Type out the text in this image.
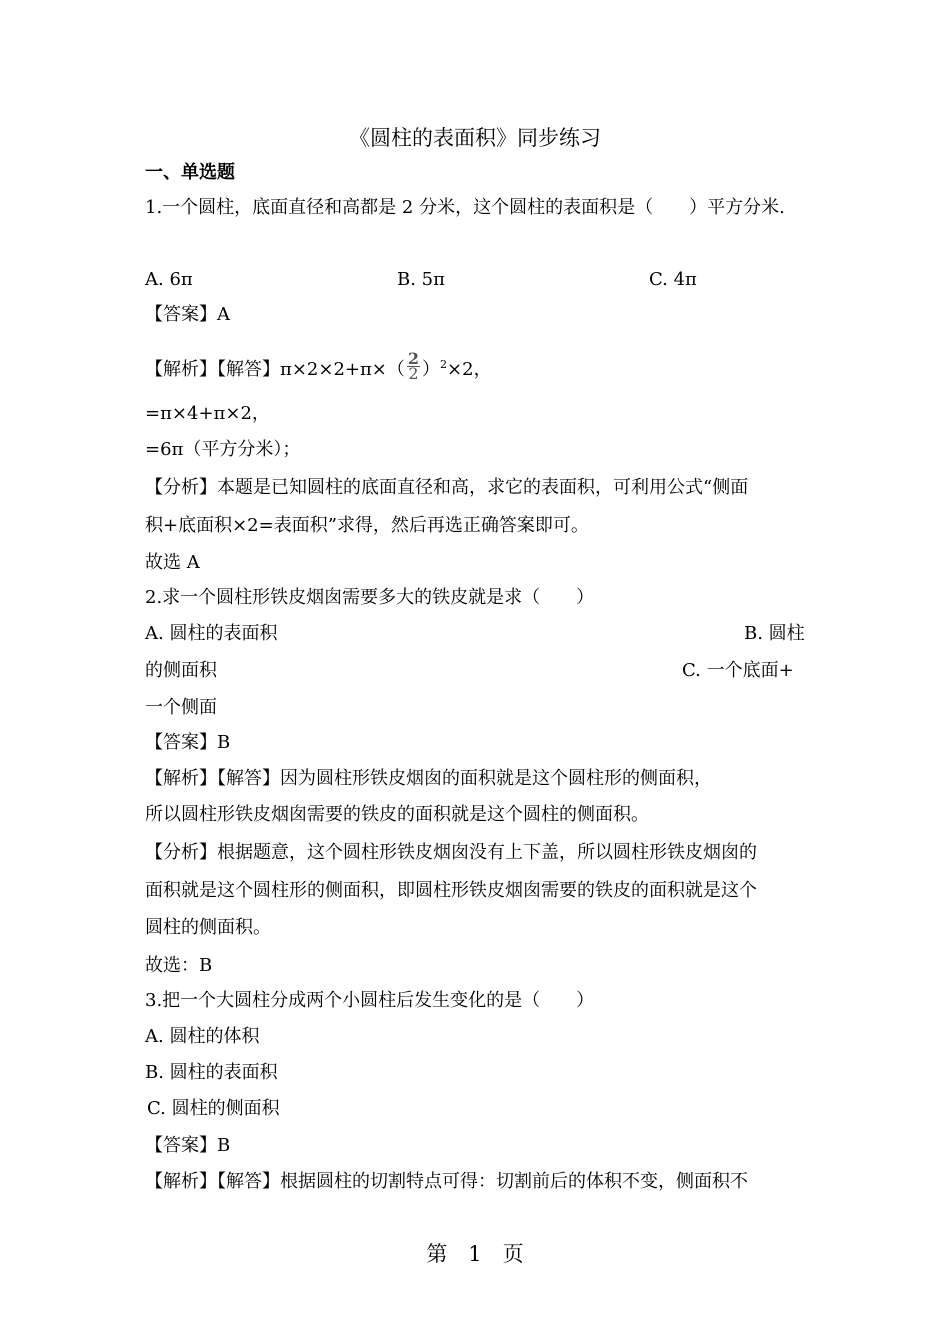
《圆柱的表面积》同步练习
一、单选题
1.一个圆柱，底面直径和高都是 2 分米，这个圆柱的表面积是（　　）平方分米.
A. 6π	B. 5π	C. 4π
【答案】A
【解析】【解答】$\pi\times 2\times 2+\pi\times( \frac{2}{2} )^2\times 2$，
=π×4+π×2，
=6π（平方分米）；
【分析】本题是已知圆柱的底面直径和高，求它的表面积，可利用公式“侧面
积+底面积×2=表面积”求得，然后再选正确答案即可。
故选 A
2.求一个圆柱形铁皮烟囱需要多大的铁皮就是求（　　）
A. 圆柱的表面积	B. 圆柱
的侧面积	C. 一个底面+
一个侧面
【答案】B
【解析】【解答】因为圆柱形铁皮烟囱的面积就是这个圆柱形的侧面积，
所以圆柱形铁皮烟囱需要的铁皮的面积就是这个圆柱的侧面积。
【分析】根据题意，这个圆柱形铁皮烟囱没有上下盖，所以圆柱形铁皮烟囱的
面积就是这个圆柱形的侧面积，即圆柱形铁皮烟囱需要的铁皮的面积就是这个
圆柱的侧面积。
故选：B
3.把一个大圆柱分成两个小圆柱后发生变化的是（　　）
A. 圆柱的体积
B. 圆柱的表面积
C. 圆柱的侧面积
【答案】B
【解析】【解答】根据圆柱的切割特点可得：切割前后的体积不变，侧面积不
第　1　页
